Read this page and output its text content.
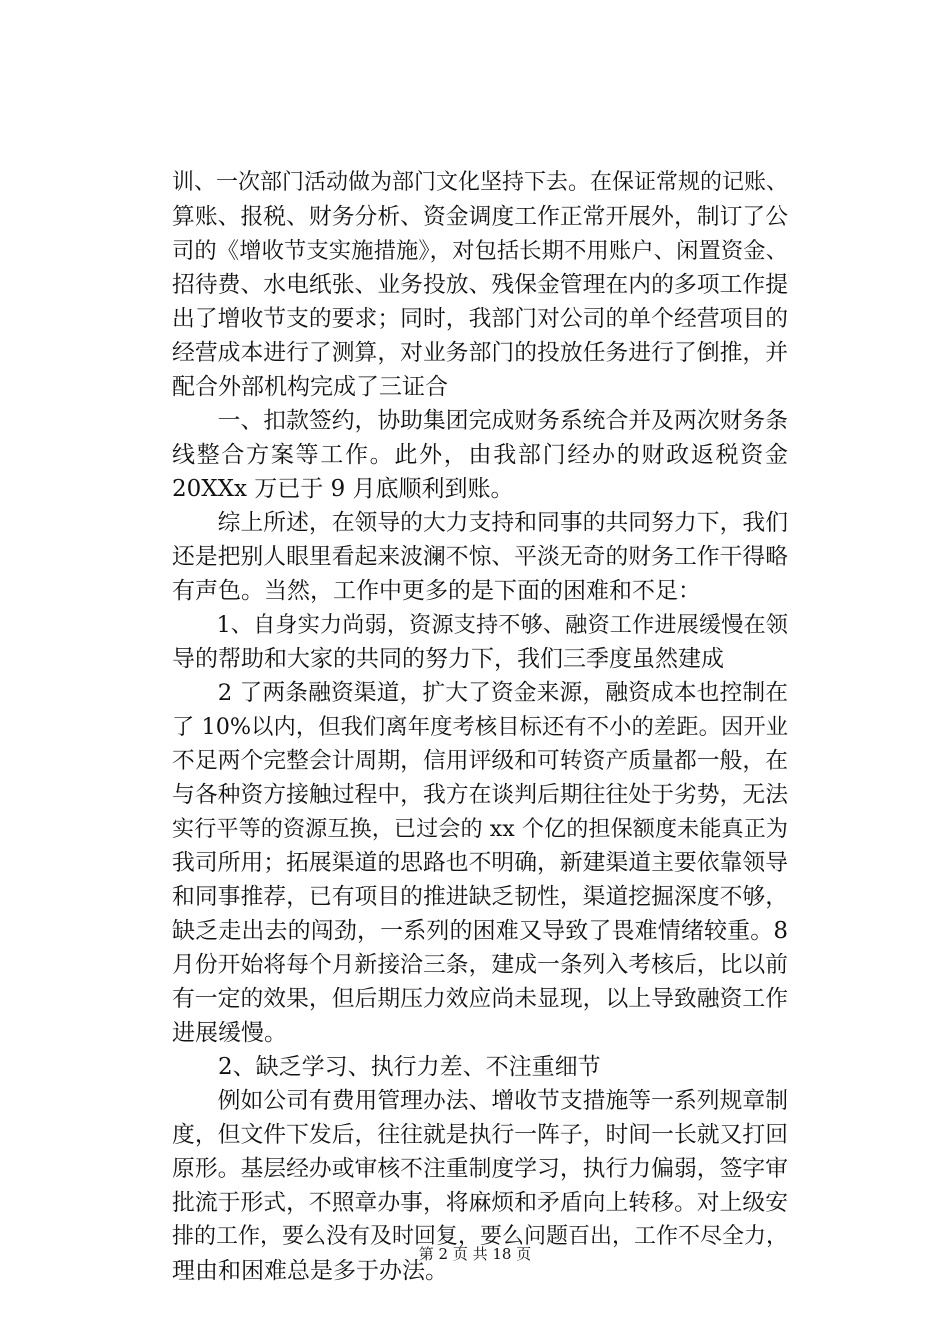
训、一次部门活动做为部门文化坚持下去。在保证常规的记账、
算账、报税、财务分析、资金调度工作正常开展外，制订了公
司的《增收节支实施措施》，对包括长期不用账户、闲置资金、
招待费、水电纸张、业务投放、残保金管理在内的多项工作提
出了增收节支的要求；同时，我部门对公司的单个经营项目的
经营成本进行了测算，对业务部门的投放任务进行了倒推，并
配合外部机构完成了三证合
　　一、扣款签约，协助集团完成财务系统合并及两次财务条
线整合方案等工作。此外，由我部门经办的财政返税资金
20XXx 万已于 9 月底顺利到账。
　　综上所述，在领导的大力支持和同事的共同努力下，我们
还是把别人眼里看起来波澜不惊、平淡无奇的财务工作干得略
有声色。当然，工作中更多的是下面的困难和不足：
　　1、自身实力尚弱，资源支持不够、融资工作进展缓慢在领
导的帮助和大家的共同的努力下，我们三季度虽然建成
　　2 了两条融资渠道，扩大了资金来源，融资成本也控制在
了 10%以内，但我们离年度考核目标还有不小的差距。因开业
不足两个完整会计周期，信用评级和可转资产质量都一般，在
与各种资方接触过程中，我方在谈判后期往往处于劣势，无法
实行平等的资源互换，已过会的 xx 个亿的担保额度未能真正为
我司所用；拓展渠道的思路也不明确，新建渠道主要依靠领导
和同事推荐，已有项目的推进缺乏韧性，渠道挖掘深度不够，
缺乏走出去的闯劲，一系列的困难又导致了畏难情绪较重。8
月份开始将每个月新接洽三条，建成一条列入考核后，比以前
有一定的效果，但后期压力效应尚未显现，以上导致融资工作
进展缓慢。
　　2、缺乏学习、执行力差、不注重细节
　　例如公司有费用管理办法、增收节支措施等一系列规章制
度，但文件下发后，往往就是执行一阵子，时间一长就又打回
原形。基层经办或审核不注重制度学习，执行力偏弱，签字审
批流于形式，不照章办事，将麻烦和矛盾向上转移。对上级安
排的工作，要么没有及时回复，要么问题百出，工作不尽全力，
理由和困难总是多于办法。
第 2 页 共 18 页
